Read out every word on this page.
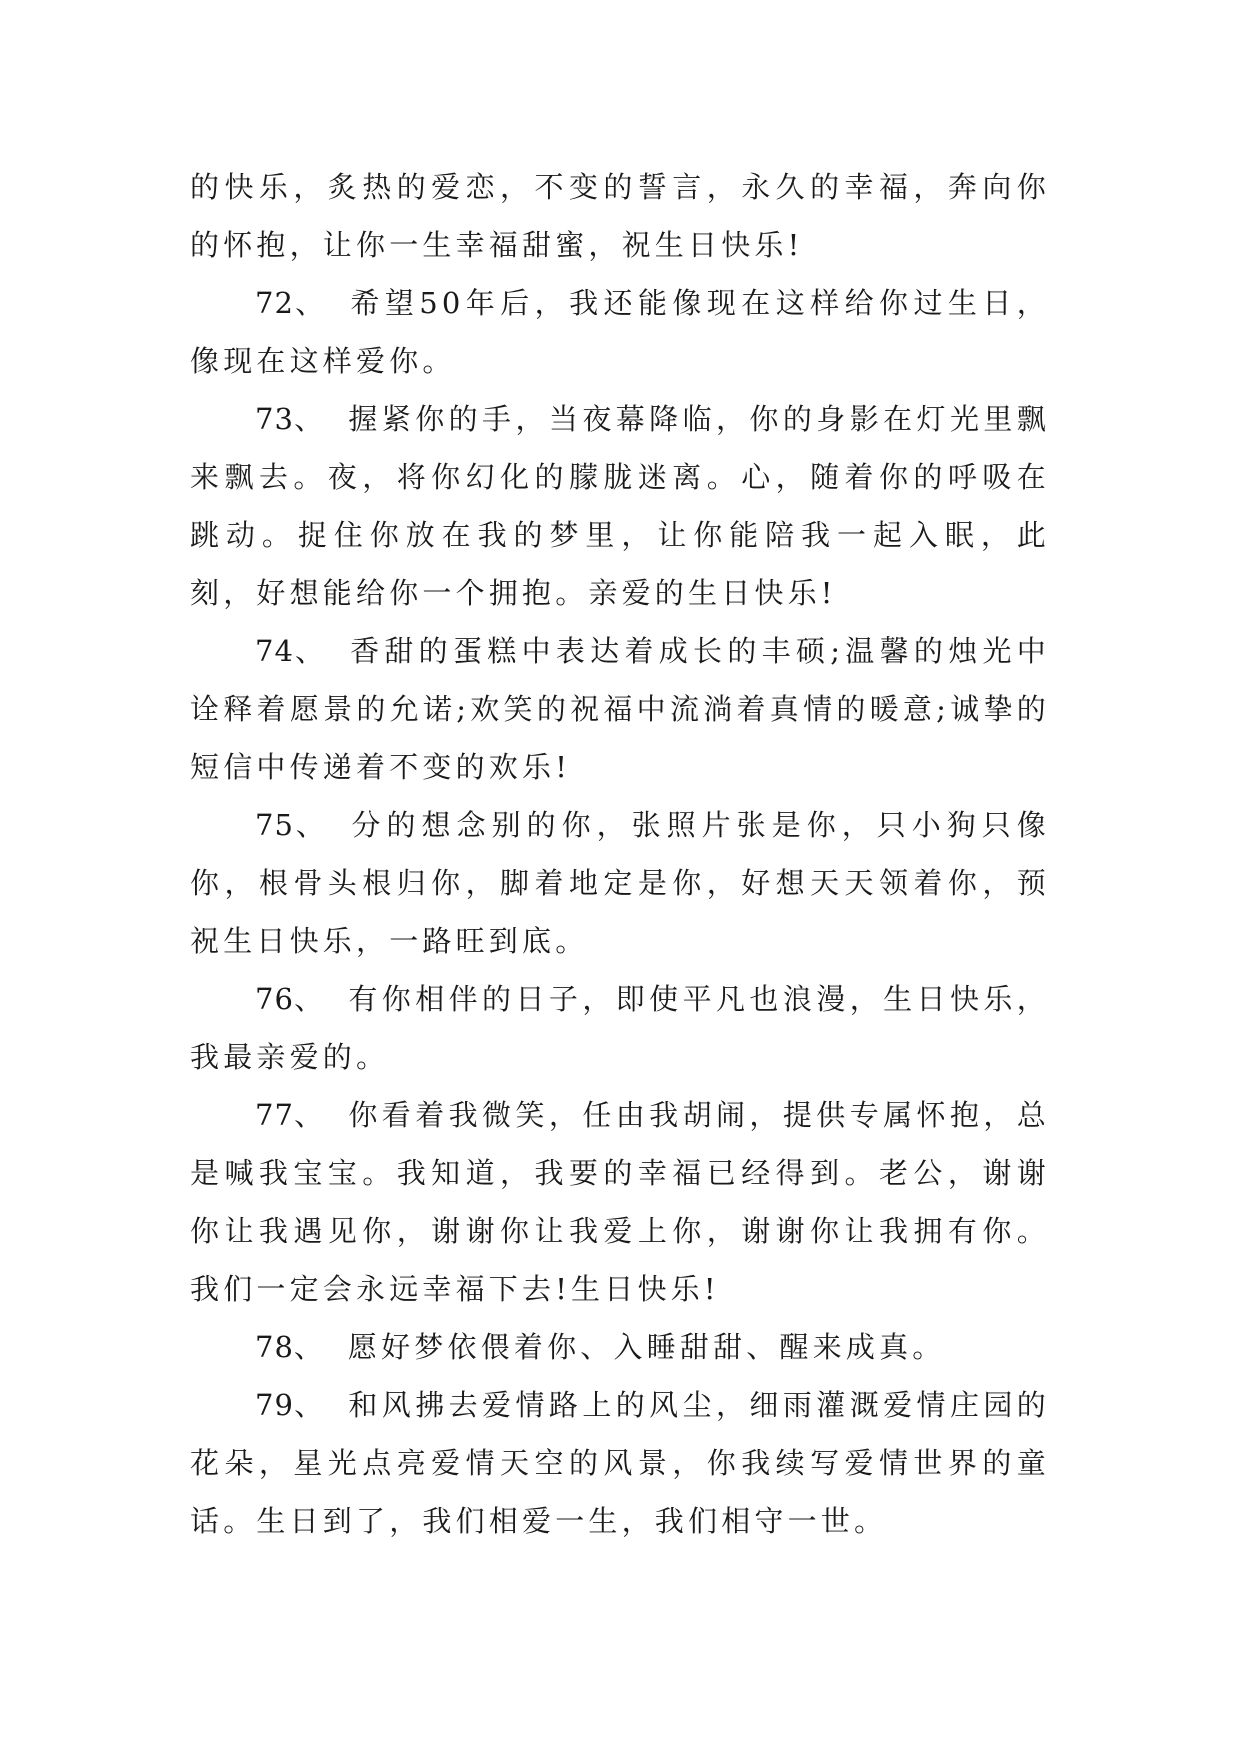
的快乐，炙热的爱恋，不变的誓言，永久的幸福，奔向你的怀抱，让你一生幸福甜蜜，祝生日快乐!

72、 希望50年后，我还能像现在这样给你过生日，像现在这样爱你。

73、 握紧你的手，当夜幕降临，你的身影在灯光里飘来飘去。夜，将你幻化的朦胧迷离。心，随着你的呼吸在跳动。捉住你放在我的梦里，让你能陪我一起入眠，此刻，好想能给你一个拥抱。亲爱的生日快乐!

74、 香甜的蛋糕中表达着成长的丰硕;温馨的烛光中诠释着愿景的允诺;欢笑的祝福中流淌着真情的暖意;诚挚的短信中传递着不变的欢乐!

75、 分的想念别的你，张照片张是你，只小狗只像你，根骨头根归你，脚着地定是你，好想天天领着你，预祝生日快乐，一路旺到底。

76、 有你相伴的日子，即使平凡也浪漫，生日快乐，我最亲爱的。

77、 你看着我微笑，任由我胡闹，提供专属怀抱，总是喊我宝宝。我知道，我要的幸福已经得到。老公，谢谢你让我遇见你，谢谢你让我爱上你，谢谢你让我拥有你。我们一定会永远幸福下去!生日快乐!

78、 愿好梦依偎着你、入睡甜甜、醒来成真。

79、 和风拂去爱情路上的风尘，细雨灌溉爱情庄园的花朵，星光点亮爱情天空的风景，你我续写爱情世界的童话。生日到了，我们相爱一生，我们相守一世。
